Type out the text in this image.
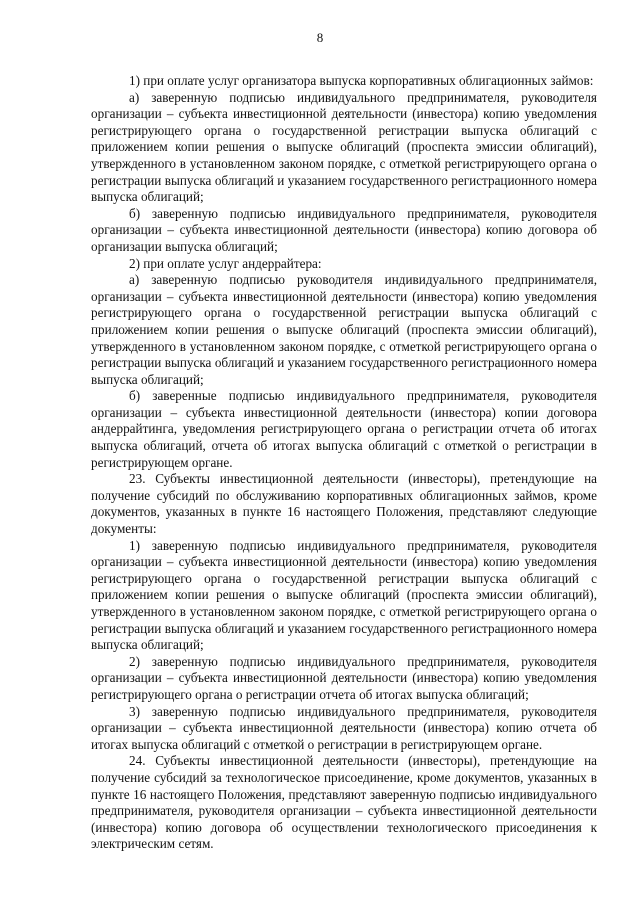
8

1) при оплате услуг организатора выпуска корпоративных облигационных займов:

а) заверенную подписью индивидуального предпринимателя, руководителя организации – субъекта инвестиционной деятельности (инвестора) копию уведомления регистрирующего органа о государственной регистрации выпуска облигаций с приложением копии решения о выпуске облигаций (проспекта эмиссии облигаций), утвержденного в установленном законом порядке, с отметкой регистрирующего органа о регистрации выпуска облигаций и указанием государственного регистрационного номера выпуска облигаций;

б) заверенную подписью индивидуального предпринимателя, руководителя организации – субъекта инвестиционной деятельности (инвестора) копию договора об организации выпуска облигаций;

2) при оплате услуг андеррайтера:

а) заверенную подписью руководителя индивидуального предпринимателя, организации – субъекта инвестиционной деятельности (инвестора) копию уведомления регистрирующего органа о государственной регистрации выпуска облигаций с приложением копии решения о выпуске облигаций (проспекта эмиссии облигаций), утвержденного в установленном законом порядке, с отметкой регистрирующего органа о регистрации выпуска облигаций и указанием государственного регистрационного номера выпуска облигаций;

б) заверенные подписью индивидуального предпринимателя, руководителя организации – субъекта инвестиционной деятельности (инвестора) копии договора андеррайтинга, уведомления регистрирующего органа о регистрации отчета об итогах выпуска облигаций, отчета об итогах выпуска облигаций с отметкой о регистрации в регистрирующем органе.

23. Субъекты инвестиционной деятельности (инвесторы), претендующие на получение субсидий по обслуживанию корпоративных облигационных займов, кроме документов, указанных в пункте 16 настоящего Положения, представляют следующие документы:

1) заверенную подписью индивидуального предпринимателя, руководителя организации – субъекта инвестиционной деятельности (инвестора) копию уведомления регистрирующего органа о государственной регистрации выпуска облигаций с приложением копии решения о выпуске облигаций (проспекта эмиссии облигаций), утвержденного в установленном законом порядке, с отметкой регистрирующего органа о регистрации выпуска облигаций и указанием государственного регистрационного номера выпуска облигаций;

2) заверенную подписью индивидуального предпринимателя, руководителя организации – субъекта инвестиционной деятельности (инвестора) копию уведомления регистрирующего органа о регистрации отчета об итогах выпуска облигаций;

3) заверенную подписью индивидуального предпринимателя, руководителя организации – субъекта инвестиционной деятельности (инвестора) копию отчета об итогах выпуска облигаций с отметкой о регистрации в регистрирующем органе.

24. Субъекты инвестиционной деятельности (инвесторы), претендующие на получение субсидий за технологическое присоединение, кроме документов, указанных в пункте 16 настоящего Положения, представляют заверенную подписью индивидуального предпринимателя, руководителя организации – субъекта инвестиционной деятельности (инвестора) копию договора об осуществлении технологического присоединения к электрическим сетям.
